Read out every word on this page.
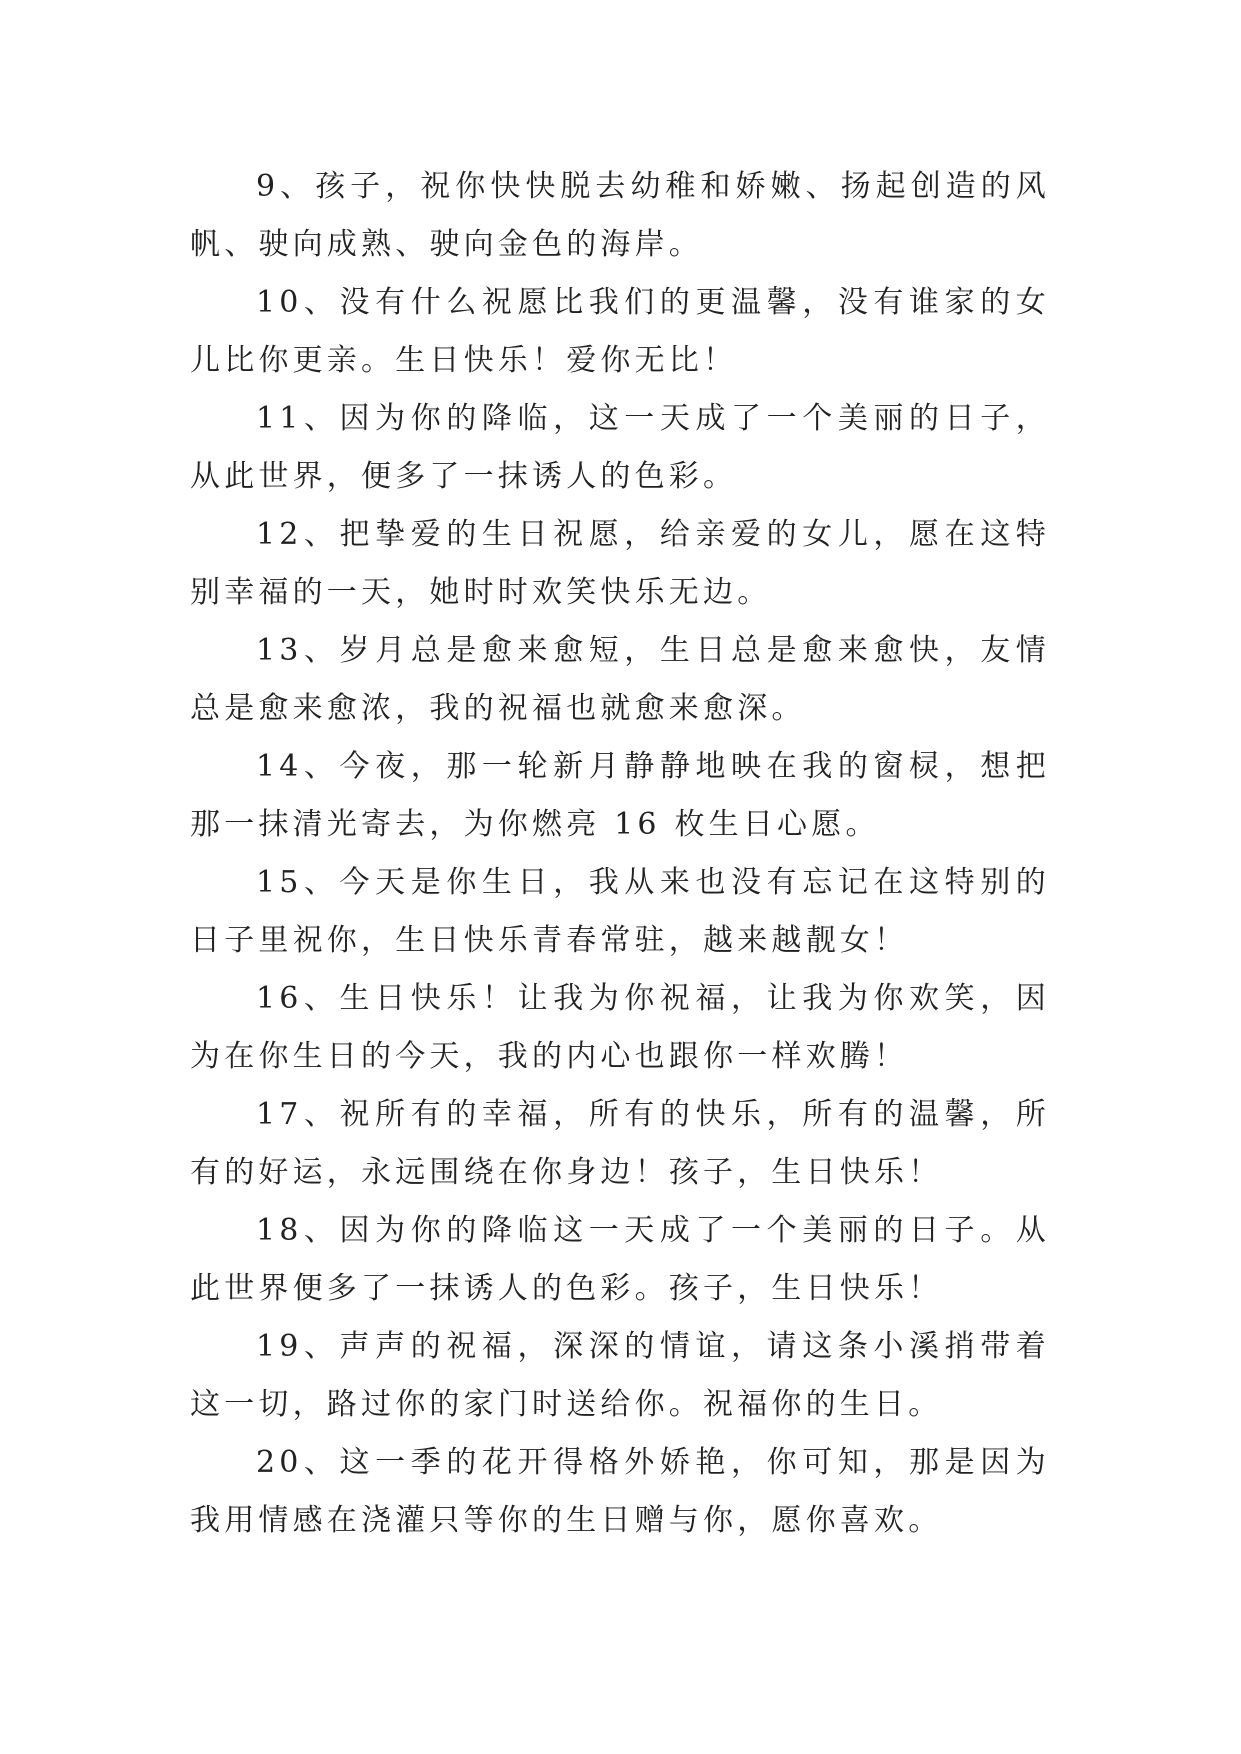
9、孩子，祝你快快脱去幼稚和娇嫩、扬起创造的风帆、驶向成熟、驶向金色的海岸。

10、没有什么祝愿比我们的更温馨，没有谁家的女儿比你更亲。生日快乐！爱你无比！

11、因为你的降临，这一天成了一个美丽的日子，从此世界，便多了一抹诱人的色彩。

12、把挚爱的生日祝愿，给亲爱的女儿，愿在这特别幸福的一天，她时时欢笑快乐无边。

13、岁月总是愈来愈短，生日总是愈来愈快，友情总是愈来愈浓，我的祝福也就愈来愈深。

14、今夜，那一轮新月静静地映在我的窗棂，想把那一抹清光寄去，为你燃亮 16 枚生日心愿。

15、今天是你生日，我从来也没有忘记在这特别的日子里祝你，生日快乐青春常驻，越来越靓女！

16、生日快乐！让我为你祝福，让我为你欢笑，因为在你生日的今天，我的内心也跟你一样欢腾！

17、祝所有的幸福，所有的快乐，所有的温馨，所有的好运，永远围绕在你身边！孩子，生日快乐！

18、因为你的降临这一天成了一个美丽的日子。从此世界便多了一抹诱人的色彩。孩子，生日快乐！

19、声声的祝福，深深的情谊，请这条小溪捎带着这一切，路过你的家门时送给你。祝福你的生日。

20、这一季的花开得格外娇艳，你可知，那是因为我用情感在浇灌只等你的生日赠与你，愿你喜欢。
